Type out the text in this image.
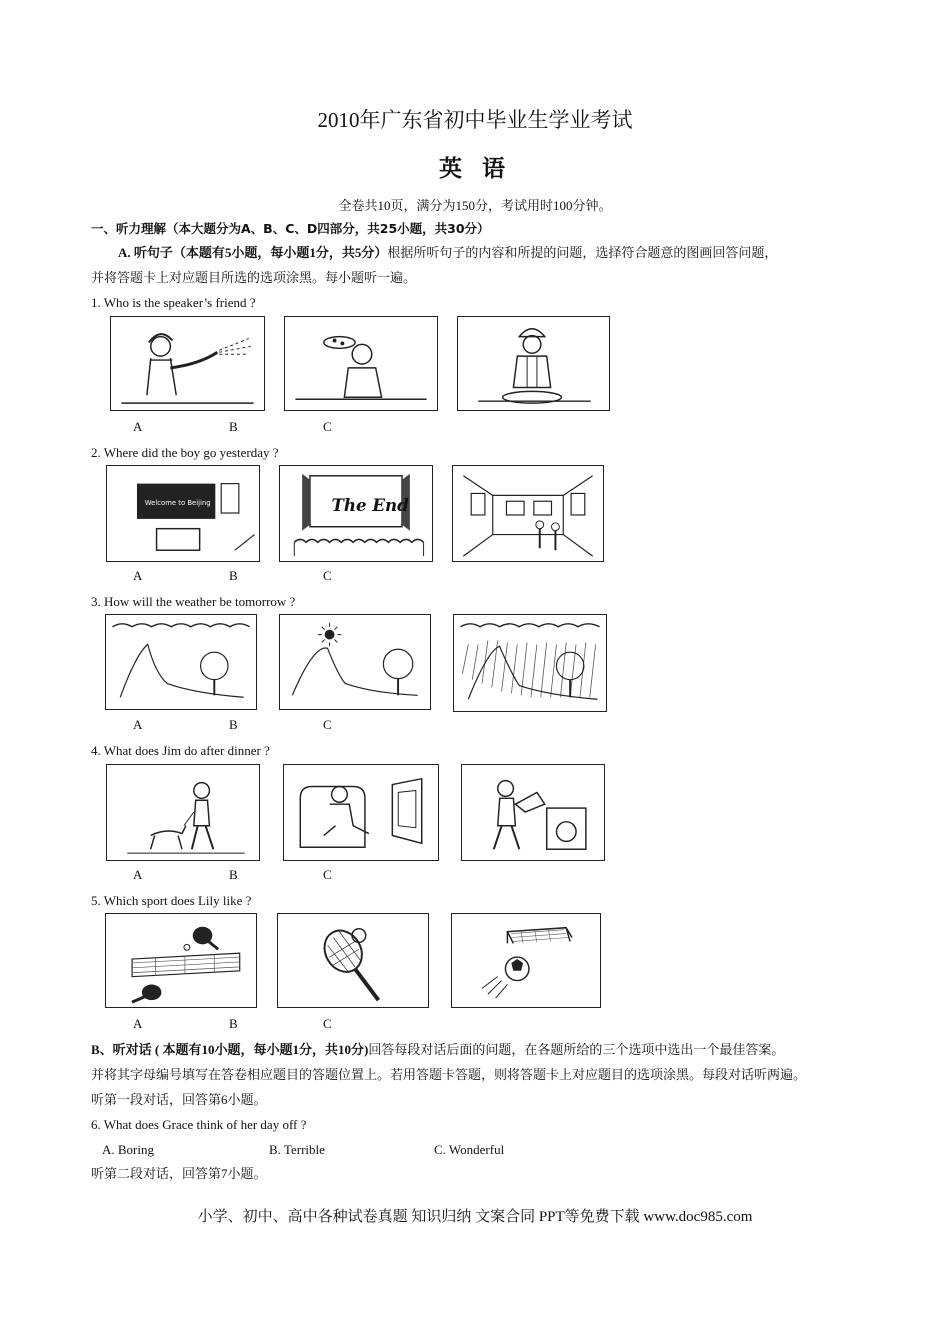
2010年广东省初中毕业生学业考试
英 语
全卷共10页，满分为150分，考试用时100分钟。
一、听力理解（本大题分为A、B、C、D四部分，共25小题，共30分）
A. 听句子（本题有5小题，每小题1分，共5分）根据所听句子的内容和所提的问题，选择符合题意的图画回答问题，
并将答题卡上对应题目所选的选项涂黑。每小题听一遍。
1. Who is the speaker’s friend ?
A	B	C
2. Where did the boy go yesterday ?
Welcome to Beijing	The End
A	B	C
3. How will the weather be tomorrow ?
A	B	C
4. What does Jim do after dinner ?
A	B	C
5. Which sport does Lily like ?
A	B	C
B、听对话 ( 本题有10小题，每小题1分，共10分)回答每段对话后面的问题，在各题所给的三个选项中选出一个最佳答案。
并将其字母编号填写在答卷相应题目的答题位置上。若用答题卡答题，则将答题卡上对应题目的选项涂黑。每段对话听两遍。
听第一段对话，回答第6小题。
6. What does Grace think of her day off ?
A. Boring	B. Terrible	C. Wonderful
听第二段对话，回答第7小题。
小学、初中、高中各种试卷真题 知识归纳 文案合同 PPT等免费下载 www.doc985.com
